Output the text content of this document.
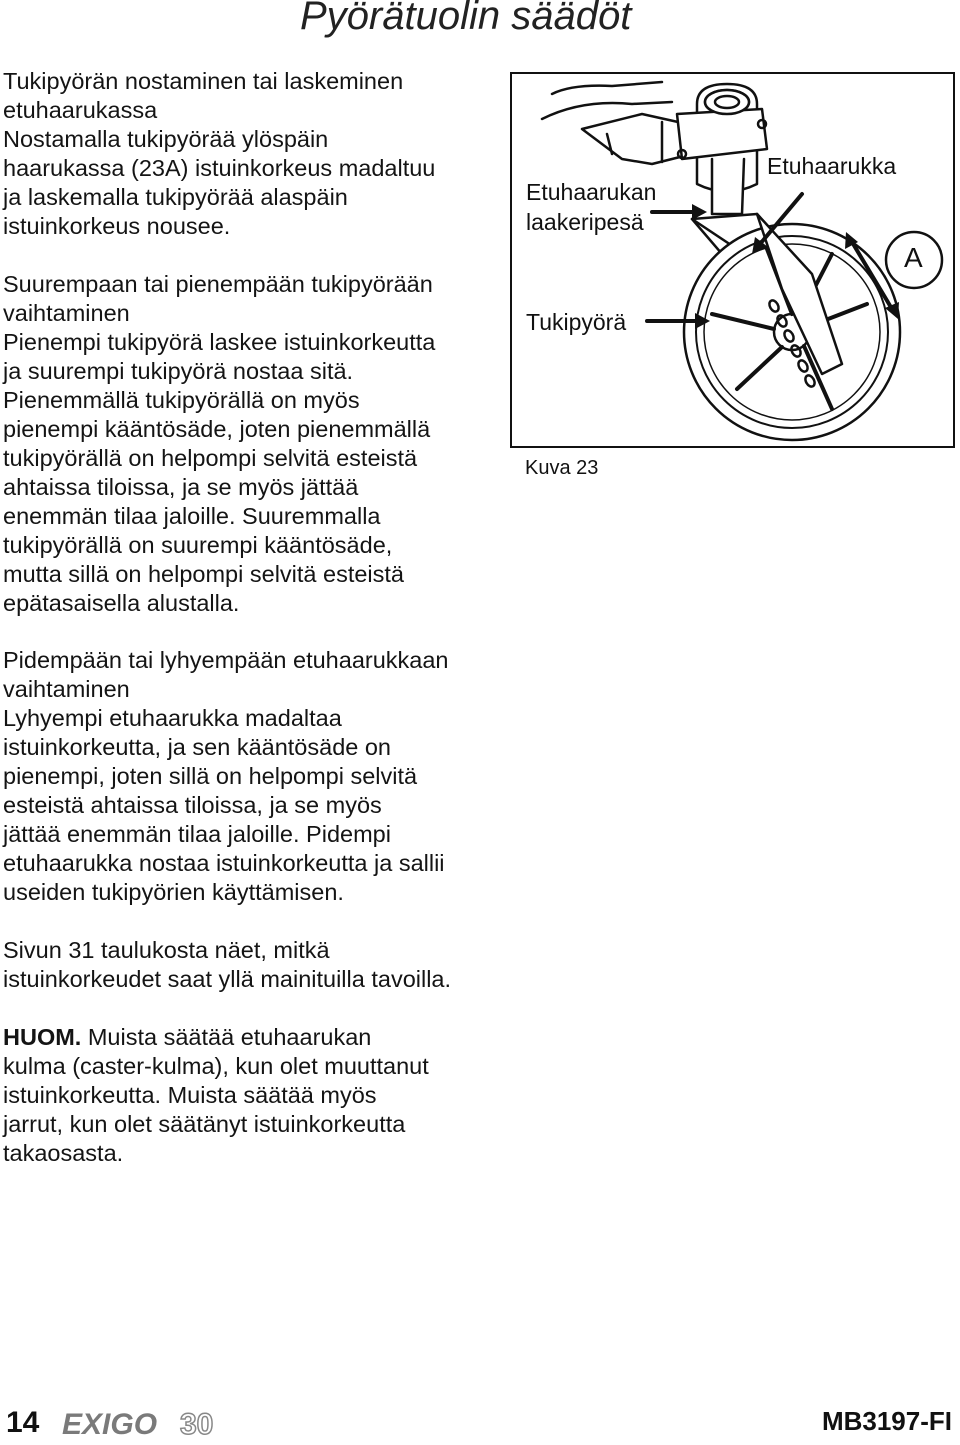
Pyörätuolin säädöt

Tukipyörän nostaminen tai laskeminen

etuhaarukassa

Nostamalla tukipyörää ylöspäin

haarukassa (23A) istuinkorkeus madaltuu

ja laskemalla tukipyörää alaspäin

istuinkorkeus nousee.

Suurempaan tai pienempään tukipyörään

vaihtaminen

Pienempi tukipyörä laskee istuinkorkeutta

ja suurempi tukipyörä nostaa sitä.

Pienemmällä tukipyörällä on myös

pienempi kääntösäde, joten pienemmällä

tukipyörällä on helpompi selvitä esteistä

ahtaissa tiloissa, ja se myös jättää

enemmän tilaa jaloille. Suuremmalla

tukipyörällä on suurempi kääntösäde,

mutta sillä on helpompi selvitä esteistä

epätasaisella alustalla.

Pidempään tai lyhyempään etuhaarukkaan

vaihtaminen

Lyhyempi etuhaarukka madaltaa

istuinkorkeutta, ja sen kääntösäde on

pienempi, joten sillä on helpompi selvitä

esteistä ahtaissa tiloissa, ja se myös

jättää enemmän tilaa jaloille. Pidempi

etuhaarukka nostaa istuinkorkeutta ja sallii

useiden tukipyörien käyttämisen.

Sivun 31 taulukosta näet, mitkä

istuinkorkeudet saat yllä mainituilla tavoilla.

HUOM. Muista säätää etuhaarukan

kulma (caster-kulma), kun olet muuttanut

istuinkorkeutta. Muista säätää myös

jarrut, kun olet säätänyt istuinkorkeutta

takaosasta.

Etuhaarukka
Etuhaarukan
laakeripesä
Tukipyörä
A
Kuva 23
14 EXIGO 30	MB3197-FI
